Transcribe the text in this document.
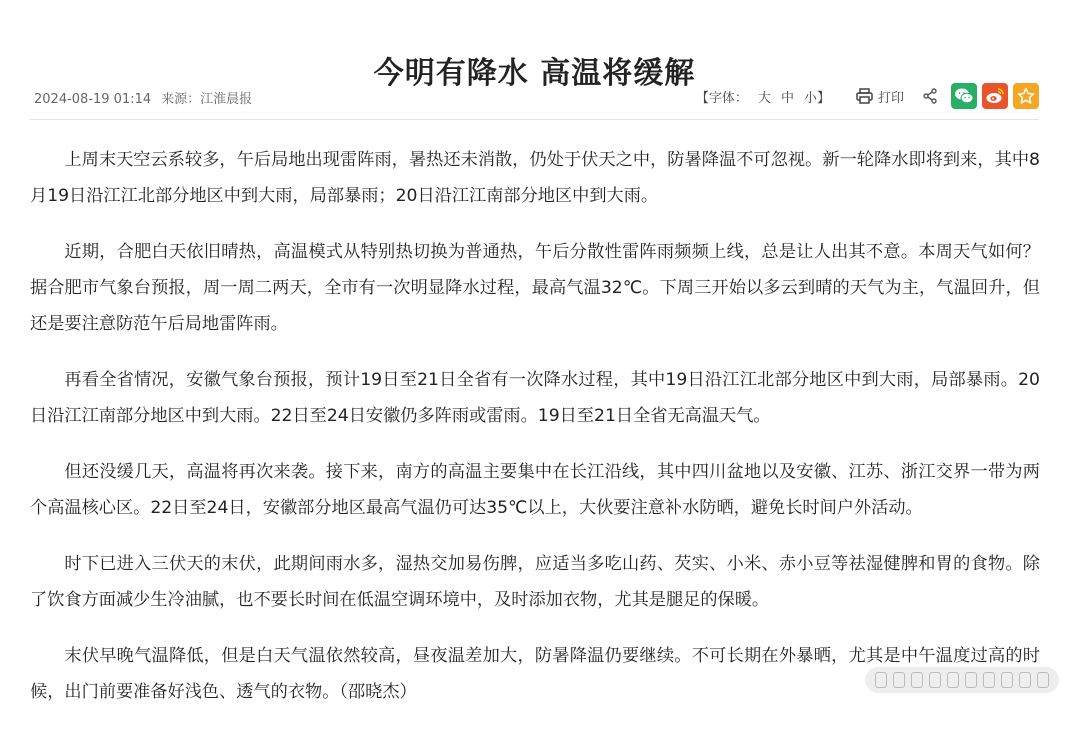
今明有降水 高温将缓解
2024-08-19 01:14 来源：江淮晨报	【字体： 大 中 小】	打印

上周末天空云系较多，午后局地出现雷阵雨，暑热还未消散，仍处于伏天之中，防暑降温不可忽视。新一轮降水即将到来，其中8月19日沿江江北部分地区中到大雨，局部暴雨；20日沿江江南部分地区中到大雨。

近期，合肥白天依旧晴热，高温模式从特别热切换为普通热，午后分散性雷阵雨频频上线，总是让人出其不意。本周天气如何？据合肥市气象台预报，周一周二两天，全市有一次明显降水过程，最高气温32℃。下周三开始以多云到晴的天气为主，气温回升，但还是要注意防范午后局地雷阵雨。

再看全省情况，安徽气象台预报，预计19日至21日全省有一次降水过程，其中19日沿江江北部分地区中到大雨，局部暴雨。20日沿江江南部分地区中到大雨。22日至24日安徽仍多阵雨或雷雨。19日至21日全省无高温天气。

但还没缓几天，高温将再次来袭。接下来，南方的高温主要集中在长江沿线，其中四川盆地以及安徽、江苏、浙江交界一带为两个高温核心区。22日至24日，安徽部分地区最高气温仍可达35℃以上，大伙要注意补水防晒，避免长时间户外活动。

时下已进入三伏天的末伏，此期间雨水多，湿热交加易伤脾，应适当多吃山药、芡实、小米、赤小豆等祛湿健脾和胃的食物。除了饮食方面减少生冷油腻，也不要长时间在低温空调环境中，及时添加衣物，尤其是腿足的保暖。

末伏早晚气温降低，但是白天气温依然较高，昼夜温差加大，防暑降温仍要继续。不可长期在外暴晒，尤其是中午温度过高的时候，出门前要准备好浅色、透气的衣物。（邵晓杰）
